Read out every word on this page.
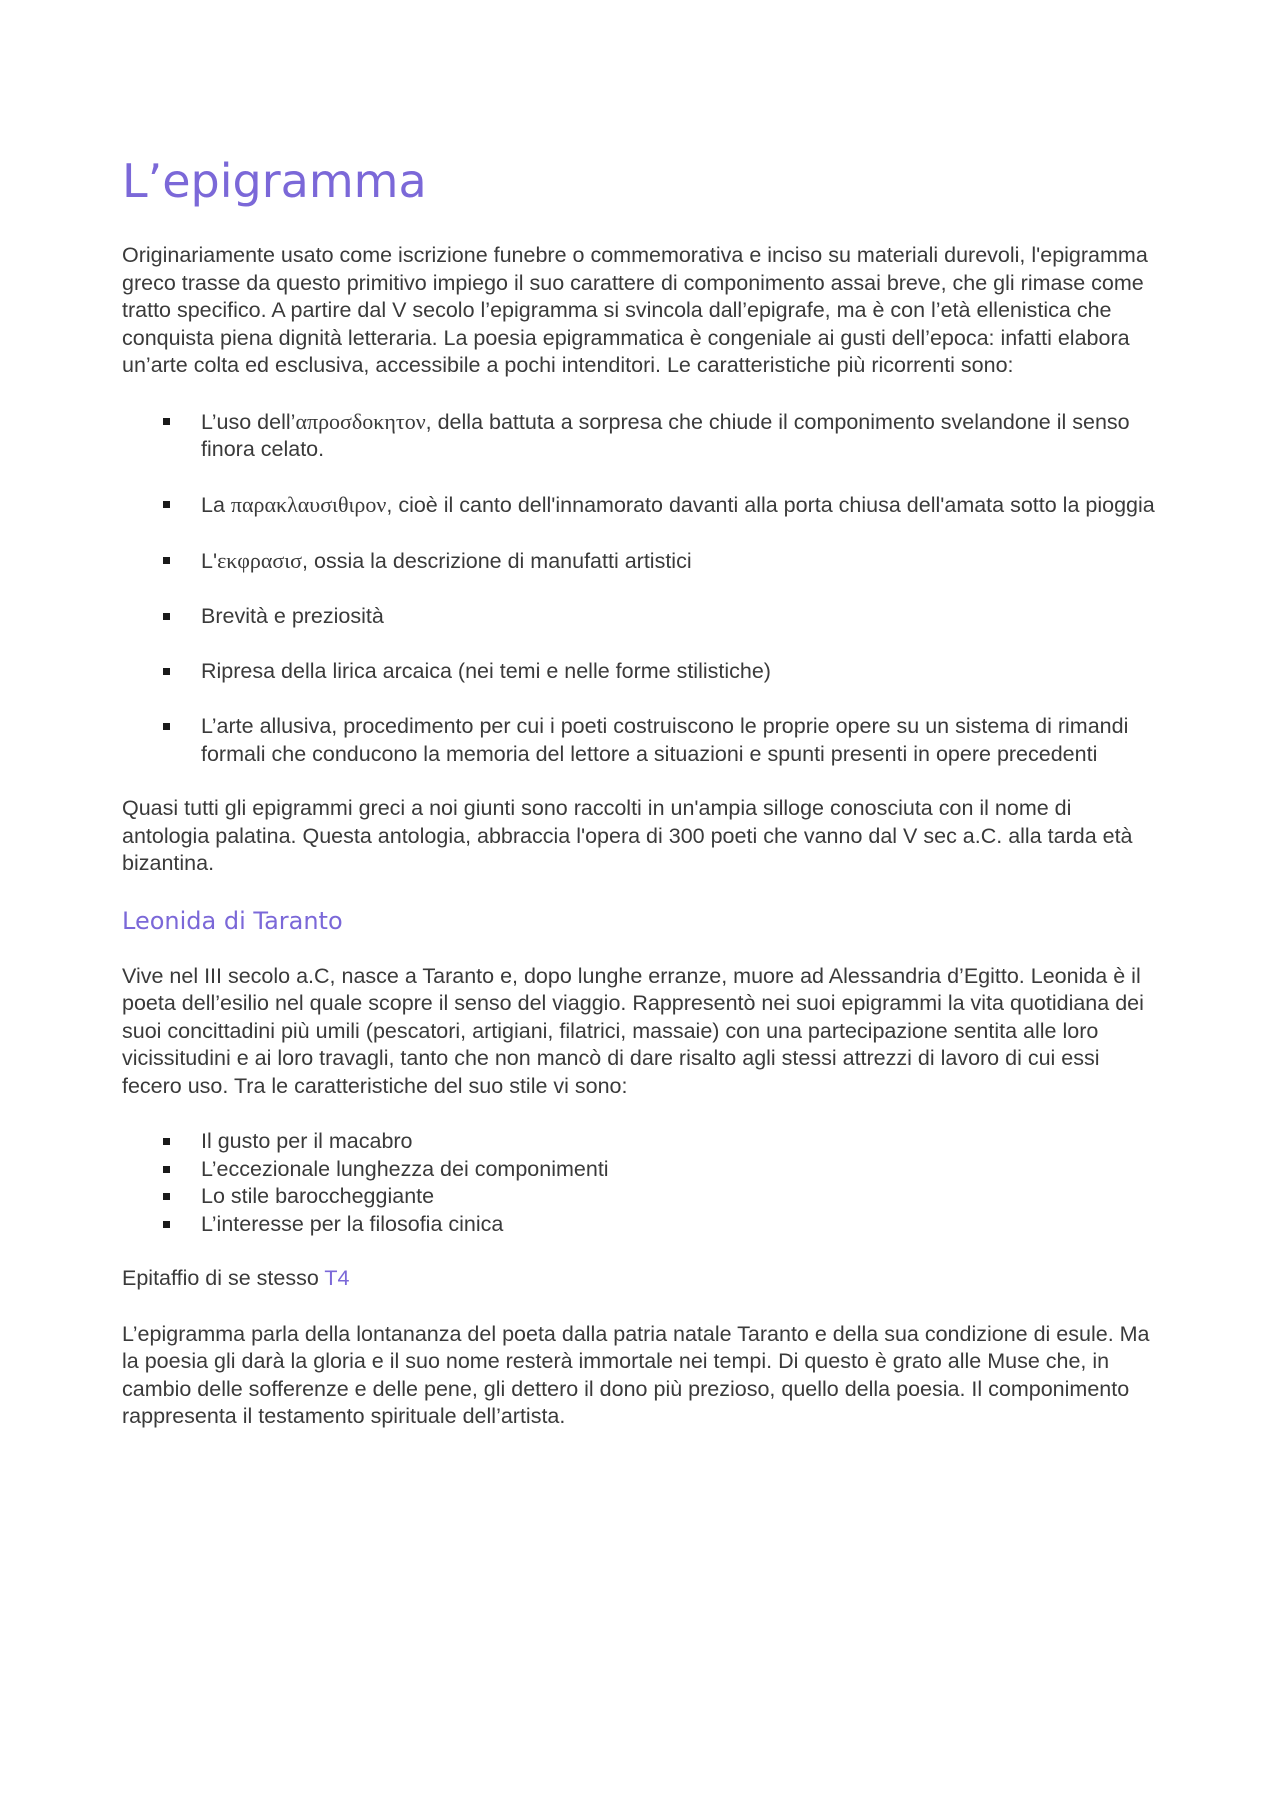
L’epigramma

Originariamente usato come iscrizione funebre o commemorativa e inciso su materiali durevoli, l'epigramma greco trasse da questo primitivo impiego il suo carattere di componimento assai breve, che gli rimase come tratto specifico. A partire dal V secolo l’epigramma si svincola dall’epigrafe, ma è con l’età ellenistica che conquista piena dignità letteraria. La poesia epigrammatica è congeniale ai gusti dell’epoca: infatti elabora un’arte colta ed esclusiva, accessibile a pochi intenditori. Le caratteristiche più ricorrenti sono:

L’uso dell’απροσδοκητον, della battuta a sorpresa che chiude il componimento svelandone il senso finora celato.
La παρακλαυσιθιρον, cioè il canto dell'innamorato davanti alla porta chiusa dell'amata sotto la pioggia
L'εκφρασισ, ossia la descrizione di manufatti artistici
Brevità e preziosità
Ripresa della lirica arcaica (nei temi e nelle forme stilistiche)
L’arte allusiva, procedimento per cui i poeti costruiscono le proprie opere su un sistema di rimandi formali che conducono la memoria del lettore a situazioni e spunti presenti in opere precedenti

Quasi tutti gli epigrammi greci a noi giunti sono raccolti in un'ampia silloge conosciuta con il nome di antologia palatina. Questa antologia, abbraccia l'opera di 300 poeti che vanno dal V sec a.C. alla tarda età bizantina.

Leonida di Taranto

Vive nel III secolo a.C, nasce a Taranto e, dopo lunghe erranze, muore ad Alessandria d’Egitto. Leonida è il poeta dell’esilio nel quale scopre il senso del viaggio. Rappresentò nei suoi epigrammi la vita quotidiana dei suoi concittadini più umili (pescatori, artigiani, filatrici, massaie) con una partecipazione sentita alle loro vicissitudini e ai loro travagli, tanto che non mancò di dare risalto agli stessi attrezzi di lavoro di cui essi fecero uso. Tra le caratteristiche del suo stile vi sono:

Il gusto per il macabro
L’eccezionale lunghezza dei componimenti
Lo stile baroccheggiante
L’interesse per la filosofia cinica

Epitaffio di se stesso T4

L’epigramma parla della lontananza del poeta dalla patria natale Taranto e della sua condizione di esule. Ma la poesia gli darà la gloria e il suo nome resterà immortale nei tempi. Di questo è grato alle Muse che, in cambio delle sofferenze e delle pene, gli dettero il dono più prezioso, quello della poesia. Il componimento rappresenta il testamento spirituale dell’artista.
